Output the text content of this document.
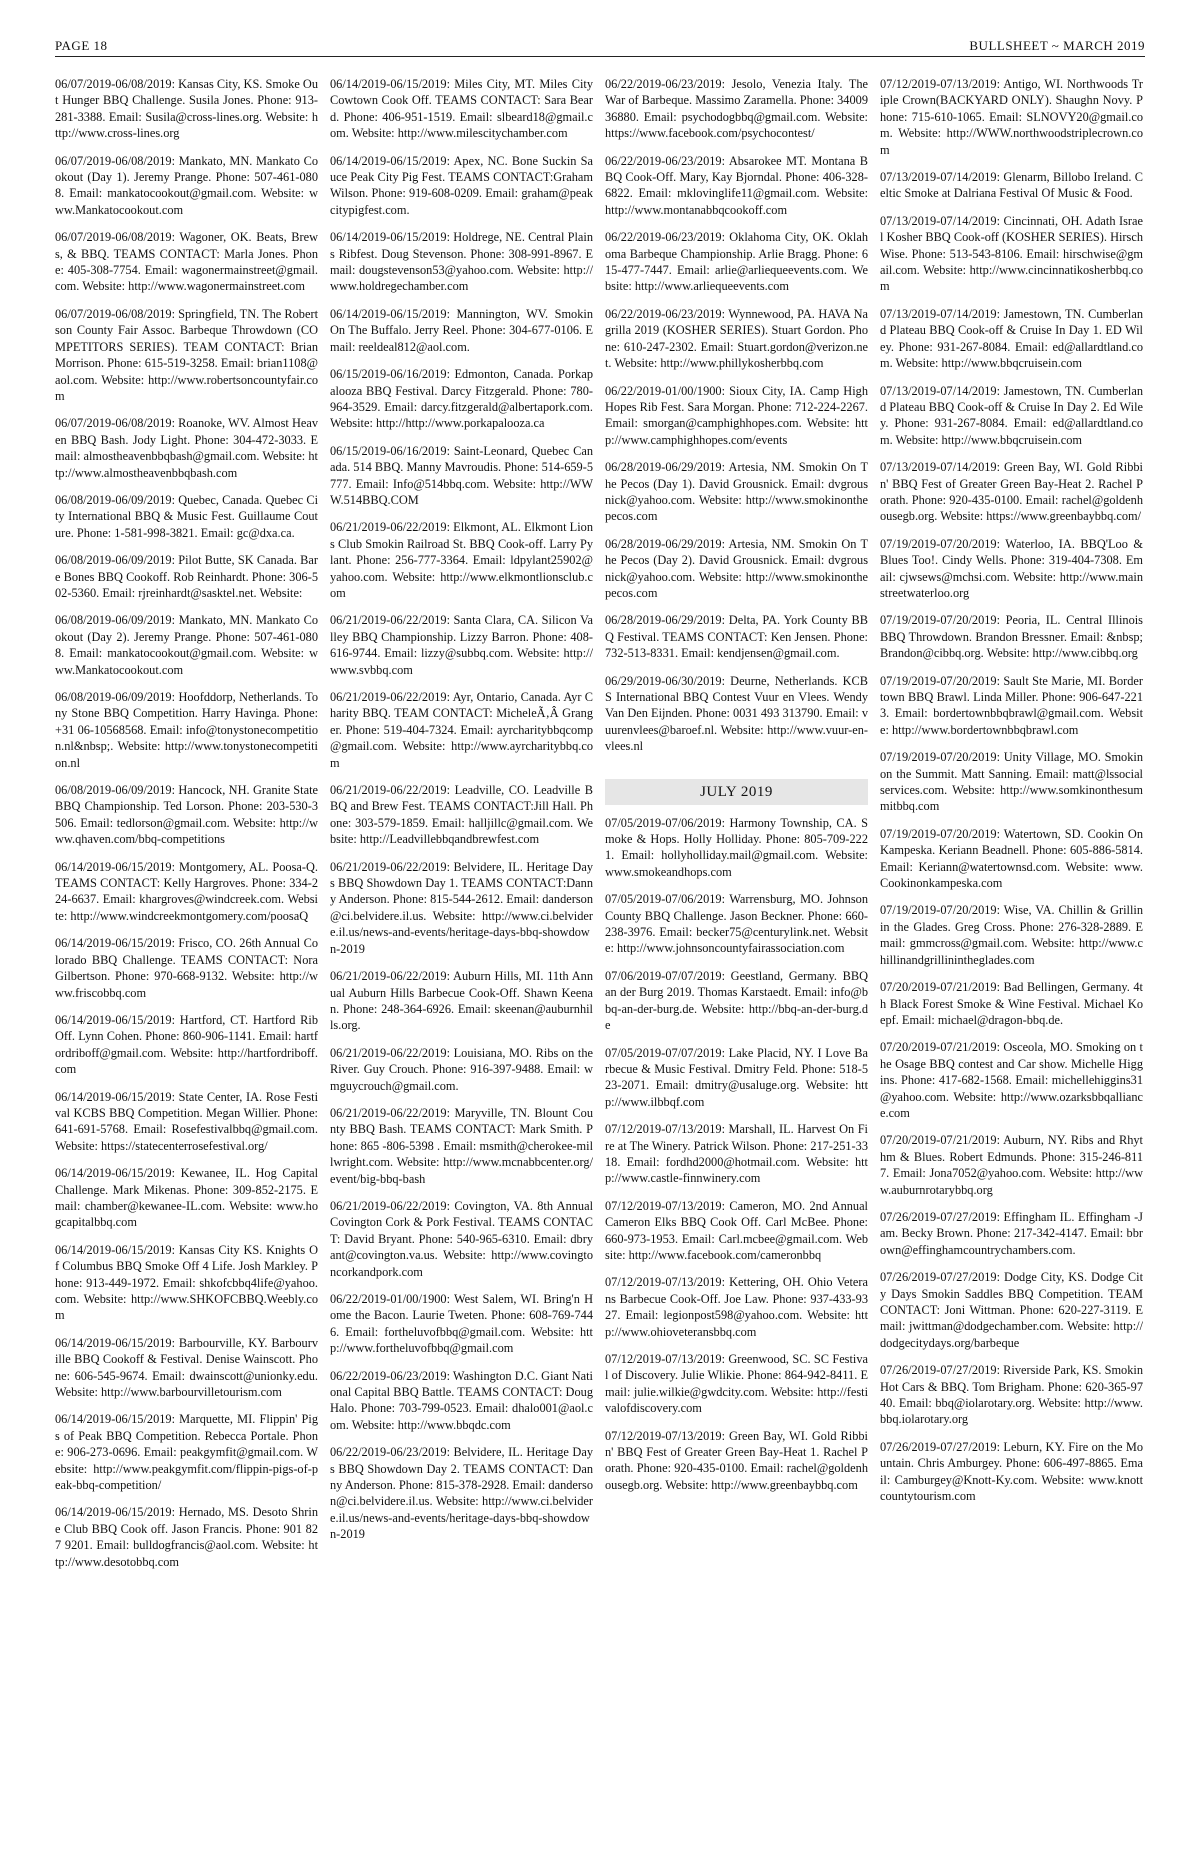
PAGE 18	BULLSHEET ~ MARCH 2019

06/07/2019-06/08/2019: Kansas City, KS. Smoke Out Hunger BBQ Challenge. Susila Jones. Phone: 913-281-3388. Email: Susila@cross-lines.org. Website: http://www.cross-lines.org

06/07/2019-06/08/2019: Mankato, MN. Mankato Cookout (Day 1). Jeremy Prange. Phone: 507-461-0808. Email: mankatocookout@gmail.com. Website: www.Mankatocookout.com

06/07/2019-06/08/2019: Wagoner, OK. Beats, Brews, & BBQ. TEAMS CONTACT: Marla Jones. Phone: 405-308-7754. Email: wagonermainstreet@gmail.com. Website: http://www.wagonermainstreet.com

06/07/2019-06/08/2019: Springfield, TN. The Robertson County Fair Assoc. Barbeque Throwdown (COMPETITORS SERIES). TEAM CONTACT: Brian Morrison. Phone: 615-519-3258. Email: brian1108@aol.com. Website: http://www.robertsoncountyfair.com

06/07/2019-06/08/2019: Roanoke, WV. Almost Heaven BBQ Bash. Jody Light. Phone: 304-472-3033. Email: almostheavenbbqbash@gmail.com. Website: http://www.almostheavenbbqbash.com

06/08/2019-06/09/2019: Quebec, Canada. Quebec City International BBQ & Music Fest. Guillaume Couture. Phone: 1-581-998-3821. Email: gc@dxa.ca.

06/08/2019-06/09/2019: Pilot Butte, SK Canada. Bare Bones BBQ Cookoff. Rob Reinhardt. Phone: 306-502-5360. Email: rjreinhardt@sasktel.net. Website:

06/08/2019-06/09/2019: Mankato, MN. Mankato Cookout (Day 2). Jeremy Prange. Phone: 507-461-0808. Email: mankatocookout@gmail.com. Website: www.Mankatocookout.com

06/08/2019-06/09/2019: Hoofddorp, Netherlands. Tony Stone BBQ Competition. Harry Havinga. Phone: +31 06-10568568. Email: info@tonystonecompetition.nl&nbsp;. Website: http://www.tonystonecompetition.nl

06/08/2019-06/09/2019: Hancock, NH. Granite State BBQ Championship. Ted Lorson. Phone: 203-530-3506. Email: tedlorson@gmail.com. Website: http://www.qhaven.com/bbq-competitions

06/14/2019-06/15/2019: Montgomery, AL. Poosa-Q. TEAMS CONTACT: Kelly Hargroves. Phone: 334-224-6637. Email: khargroves@windcreek.com. Website: http://www.windcreekmontgomery.com/poosaQ

06/14/2019-06/15/2019: Frisco, CO. 26th Annual Colorado BBQ Challenge. TEAMS CONTACT: Nora Gilbertson. Phone: 970-668-9132. Website: http://www.friscobbq.com

06/14/2019-06/15/2019: Hartford, CT. Hartford Rib Off. Lynn Cohen. Phone: 860-906-1141. Email: hartfordriboff@gmail.com. Website: http://hartfordriboff.com

06/14/2019-06/15/2019: State Center, IA. Rose Festival KCBS BBQ Competition. Megan Willier. Phone: 641-691-5768. Email: Rosefestivalbbq@gmail.com. Website: https://statecenterrosefestival.org/

06/14/2019-06/15/2019: Kewanee, IL. Hog Capital Challenge. Mark Mikenas. Phone: 309-852-2175. Email: chamber@kewanee-IL.com. Website: www.hogcapitalbbq.com

06/14/2019-06/15/2019: Kansas City KS. Knights Of Columbus BBQ Smoke Off 4 Life. Josh Markley. Phone: 913-449-1972. Email: shkofcbbq4life@yahoo.com. Website: http://www.SHKOFCBBQ.Weebly.com

06/14/2019-06/15/2019: Barbourville, KY. Barbourville BBQ Cookoff & Festival. Denise Wainscott. Phone: 606-545-9674. Email: dwainscott@unionky.edu. Website: http://www.barbourvilletourism.com

06/14/2019-06/15/2019: Marquette, MI. Flippin' Pigs of Peak BBQ Competition. Rebecca Portale. Phone: 906-273-0696. Email: peakgymfit@gmail.com. Website: http://www.peakgymfit.com/flippin-pigs-of-peak-bbq-competition/

06/14/2019-06/15/2019: Hernado, MS. Desoto Shrine Club BBQ Cook off. Jason Francis. Phone: 901 827 9201. Email: bulldogfrancis@aol.com. Website: http://www.desotobbq.com

06/14/2019-06/15/2019: Miles City, MT. Miles City Cowtown Cook Off. TEAMS CONTACT: Sara Beard. Phone: 406-951-1519. Email: slbeard18@gmail.com. Website: http://www.milescitychamber.com

06/14/2019-06/15/2019: Apex, NC. Bone Suckin Sauce Peak City Pig Fest. TEAMS CONTACT:Graham Wilson. Phone: 919-608-0209. Email: graham@peakcitypigfest.com.

06/14/2019-06/15/2019: Holdrege, NE. Central Plains Ribfest. Doug Stevenson. Phone: 308-991-8967. Email: dougstevenson53@yahoo.com. Website: http://www.holdregechamber.com

06/14/2019-06/15/2019: Mannington, WV. Smokin On The Buffalo. Jerry Reel. Phone: 304-677-0106. Email: reeldeal812@aol.com.

06/15/2019-06/16/2019: Edmonton, Canada. Porkapalooza BBQ Festival. Darcy Fitzgerald. Phone: 780-964-3529. Email: darcy.fitzgerald@albertapork.com. Website: http://http://www.porkapalooza.ca

06/15/2019-06/16/2019: Saint-Leonard, Quebec Canada. 514 BBQ. Manny Mavroudis. Phone: 514-659-5777. Email: Info@514bbq.com. Website: http://WWW.514BBQ.COM

06/21/2019-06/22/2019: Elkmont, AL. Elkmont Lions Club Smokin Railroad St. BBQ Cook-off. Larry Pylant. Phone: 256-777-3364. Email: ldpylant25902@yahoo.com. Website: http://www.elkmontlionsclub.com

06/21/2019-06/22/2019: Santa Clara, CA. Silicon Valley BBQ Championship. Lizzy Barron. Phone: 408-616-9744. Email: lizzy@subbq.com. Website: http://www.svbbq.com

06/21/2019-06/22/2019: Ayr, Ontario, Canada. Ayr Charity BBQ. TEAM CONTACT: MicheleÃ‚Â Granger. Phone: 519-404-7324. Email: ayrcharitybbqcomp@gmail.com. Website: http://www.ayrcharitybbq.com

06/21/2019-06/22/2019: Leadville, CO. Leadville BBQ and Brew Fest. TEAMS CONTACT:Jill Hall. Phone: 303-579-1859. Email: halljillc@gmail.com. Website: http://Leadvillebbqandbrewfest.com

06/21/2019-06/22/2019: Belvidere, IL. Heritage Days BBQ Showdown Day 1. TEAMS CONTACT:Danny Anderson. Phone: 815-544-2612. Email: danderson@ci.belvidere.il.us. Website: http://www.ci.belvidere.il.us/news-and-events/heritage-days-bbq-showdown-2019

06/21/2019-06/22/2019: Auburn Hills, MI. 11th Annual Auburn Hills Barbecue Cook-Off. Shawn Keenan. Phone: 248-364-6926. Email: skeenan@auburnhills.org.

06/21/2019-06/22/2019: Louisiana, MO. Ribs on the River. Guy Crouch. Phone: 916-397-9488. Email: wmguycrouch@gmail.com.

06/21/2019-06/22/2019: Maryville, TN. Blount County BBQ Bash. TEAMS CONTACT: Mark Smith. Phone: 865 -806-5398 . Email: msmith@cherokee-millwright.com. Website: http://www.mcnabbcenter.org/event/big-bbq-bash

06/21/2019-06/22/2019: Covington, VA. 8th Annual Covington Cork & Pork Festival. TEAMS CONTACT: David Bryant. Phone: 540-965-6310. Email: dbryant@covington.va.us. Website: http://www.covingtoncorkandpork.com

06/22/2019-01/00/1900: West Salem, WI. Bring'n Home the Bacon. Laurie Tweten. Phone: 608-769-7446. Email: fortheluvofbbq@gmail.com. Website: http://www.fortheluvofbbq@gmail.com

06/22/2019-06/23/2019: Washington D.C. Giant National Capital BBQ Battle. TEAMS CONTACT: Doug Halo. Phone: 703-799-0523. Email: dhalo001@aol.com. Website: http://www.bbqdc.com

06/22/2019-06/23/2019: Belvidere, IL. Heritage Days BBQ Showdown Day 2. TEAMS CONTACT: Danny Anderson. Phone: 815-378-2928. Email: danderson@ci.belvidere.il.us. Website: http://www.ci.belvidere.il.us/news-and-events/heritage-days-bbq-showdown-2019

06/22/2019-06/23/2019: Jesolo, Venezia Italy. The War of Barbeque. Massimo Zaramella. Phone: 3400936880. Email: psychodogbbq@gmail.com. Website: https://www.facebook.com/psychocontest/

06/22/2019-06/23/2019: Absarokee MT. Montana BBQ Cook-Off. Mary, Kay Bjorndal. Phone: 406-328-6822. Email: mklovinglife11@gmail.com. Website: http://www.montanabbqcookoff.com

06/22/2019-06/23/2019: Oklahoma City, OK. Oklahoma Barbeque Championship. Arlie Bragg. Phone: 615-477-7447. Email: arlie@arliequeevents.com. Website: http://www.arliequeevents.com

06/22/2019-06/23/2019: Wynnewood, PA. HAVA Nagrilla 2019 (KOSHER SERIES). Stuart Gordon. Phone: 610-247-2302. Email: Stuart.gordon@verizon.net. Website: http://www.phillykosherbbq.com

06/22/2019-01/00/1900: Sioux City, IA. Camp High Hopes Rib Fest. Sara Morgan. Phone: 712-224-2267. Email: smorgan@camphighhopes.com. Website: http://www.camphighhopes.com/events

06/28/2019-06/29/2019: Artesia, NM. Smokin On The Pecos (Day 1). David Grousnick. Email: dvgrousnick@yahoo.com. Website: http://www.smokinonthepecos.com

06/28/2019-06/29/2019: Artesia, NM. Smokin On The Pecos (Day 2). David Grousnick. Email: dvgrousnick@yahoo.com. Website: http://www.smokinonthepecos.com

06/28/2019-06/29/2019: Delta, PA. York County BBQ Festival. TEAMS CONTACT: Ken Jensen. Phone: 732-513-8331. Email: kendjensen@gmail.com.

06/29/2019-06/30/2019: Deurne, Netherlands. KCBS International BBQ Contest Vuur en Vlees. Wendy Van Den Eijnden. Phone: 0031 493 313790. Email: vuurenvlees@baroef.nl. Website: http://www.vuur-en-vlees.nl

JULY 2019

07/05/2019-07/06/2019: Harmony Township, CA. Smoke & Hops. Holly Holliday. Phone: 805-709-2221. Email: hollyholliday.mail@gmail.com. Website: www.smokeandhops.com

07/05/2019-07/06/2019: Warrensburg, MO. Johnson County BBQ Challenge. Jason Beckner. Phone: 660-238-3976. Email: becker75@centurylink.net. Website: http://www.johnsoncountyfairassociation.com

07/06/2019-07/07/2019: Geestland, Germany. BBQ an der Burg 2019. Thomas Karstaedt. Email: info@bbq-an-der-burg.de. Website: http://bbq-an-der-burg.de

07/05/2019-07/07/2019: Lake Placid, NY. I Love Barbecue & Music Festival. Dmitry Feld. Phone: 518-523-2071. Email: dmitry@usaluge.org. Website: http://www.ilbbqf.com

07/12/2019-07/13/2019: Marshall, IL. Harvest On Fire at The Winery. Patrick Wilson. Phone: 217-251-3318. Email: fordhd2000@hotmail.com. Website: http://www.castle-finnwinery.com

07/12/2019-07/13/2019: Cameron, MO. 2nd Annual Cameron Elks BBQ Cook Off. Carl McBee. Phone: 660-973-1953. Email: Carl.mcbee@gmail.com. Website: http://www.facebook.com/cameronbbq

07/12/2019-07/13/2019: Kettering, OH. Ohio Veterans Barbecue Cook-Off. Joe Law. Phone: 937-433-9327. Email: legionpost598@yahoo.com. Website: http://www.ohioveteransbbq.com

07/12/2019-07/13/2019: Greenwood, SC. SC Festival of Discovery. Julie Wlikie. Phone: 864-942-8411. Email: julie.wilkie@gwdcity.com. Website: http://festivalofdiscovery.com

07/12/2019-07/13/2019: Green Bay, WI. Gold Ribbin' BBQ Fest of Greater Green Bay-Heat 1. Rachel Porath. Phone: 920-435-0100. Email: rachel@goldenhousegb.org. Website: http://www.greenbaybbq.com

07/12/2019-07/13/2019: Antigo, WI. Northwoods Triple Crown(BACKYARD ONLY). Shaughn Novy. Phone: 715-610-1065. Email: SLNOVY20@gmail.com. Website: http://WWW.northwoodstriplecrown.com

07/13/2019-07/14/2019: Glenarm, Billobo Ireland. Celtic Smoke at Dalriana Festival Of Music & Food.

07/13/2019-07/14/2019: Cincinnati, OH. Adath Israel Kosher BBQ Cook-off (KOSHER SERIES). Hirsch Wise. Phone: 513-543-8106. Email: hirschwise@gmail.com. Website: http://www.cincinnatikosherbbq.com

07/13/2019-07/14/2019: Jamestown, TN. Cumberland Plateau BBQ Cook-off & Cruise In Day 1. ED Wiley. Phone: 931-267-8084. Email: ed@allardtland.com. Website: http://www.bbqcruisein.com

07/13/2019-07/14/2019: Jamestown, TN. Cumberland Plateau BBQ Cook-off & Cruise In Day 2. Ed Wiley. Phone: 931-267-8084. Email: ed@allardtland.com. Website: http://www.bbqcruisein.com

07/13/2019-07/14/2019: Green Bay, WI. Gold Ribbin' BBQ Fest of Greater Green Bay-Heat 2. Rachel Porath. Phone: 920-435-0100. Email: rachel@goldenhousegb.org. Website: https://www.greenbaybbq.com/

07/19/2019-07/20/2019: Waterloo, IA. BBQ'Loo & Blues Too!. Cindy Wells. Phone: 319-404-7308. Email: cjwsews@mchsi.com. Website: http://www.mainstreetwaterloo.org

07/19/2019-07/20/2019: Peoria, IL. Central Illinois BBQ Throwdown. Brandon Bressner. Email: &nbsp;Brandon@cibbq.org. Website: http://www.cibbq.org

07/19/2019-07/20/2019: Sault Ste Marie, MI. Bordertown BBQ Brawl. Linda Miller. Phone: 906-647-2213. Email: bordertownbbqbrawl@gmail.com. Website: http://www.bordertownbbqbrawl.com

07/19/2019-07/20/2019: Unity Village, MO. Smokin on the Summit. Matt Sanning. Email: matt@lssocialservices.com. Website: http://www.somkinonthesummitbbq.com

07/19/2019-07/20/2019: Watertown, SD. Cookin On Kampeska. Keriann Beadnell. Phone: 605-886-5814. Email: Keriann@watertownsd.com. Website: www.Cookinonkampeska.com

07/19/2019-07/20/2019: Wise, VA. Chillin & Grillin in the Glades. Greg Cross. Phone: 276-328-2889. Email: gmmcross@gmail.com. Website: http://www.chillinandgrillinintheglades.com

07/20/2019-07/21/2019: Bad Bellingen, Germany. 4th Black Forest Smoke & Wine Festival. Michael Koepf. Email: michael@dragon-bbq.de.

07/20/2019-07/21/2019: Osceola, MO. Smoking on the Osage BBQ contest and Car show. Michelle Higgins. Phone: 417-682-1568. Email: michellehiggins31@yahoo.com. Website: http://www.ozarksbbqalliance.com

07/20/2019-07/21/2019: Auburn, NY. Ribs and Rhythm & Blues. Robert Edmunds. Phone: 315-246-8117. Email: Jona7052@yahoo.com. Website: http://www.auburnrotarybbq.org

07/26/2019-07/27/2019: Effingham IL. Effingham -Jam. Becky Brown. Phone: 217-342-4147. Email: bbrown@effinghamcountrychambers.com.

07/26/2019-07/27/2019: Dodge City, KS. Dodge City Days Smokin Saddles BBQ Competition. TEAM CONTACT: Joni Wittman. Phone: 620-227-3119. Email: jwittman@dodgechamber.com. Website: http://dodgecitydays.org/barbeque

07/26/2019-07/27/2019: Riverside Park, KS. Smokin Hot Cars & BBQ. Tom Brigham. Phone: 620-365-9740. Email: bbq@iolarotary.org. Website: http://www.bbq.iolarotary.org

07/26/2019-07/27/2019: Leburn, KY. Fire on the Mountain. Chris Amburgey. Phone: 606-497-8865. Email: Camburgey@Knott-Ky.com. Website: www.knottcountytourism.com
